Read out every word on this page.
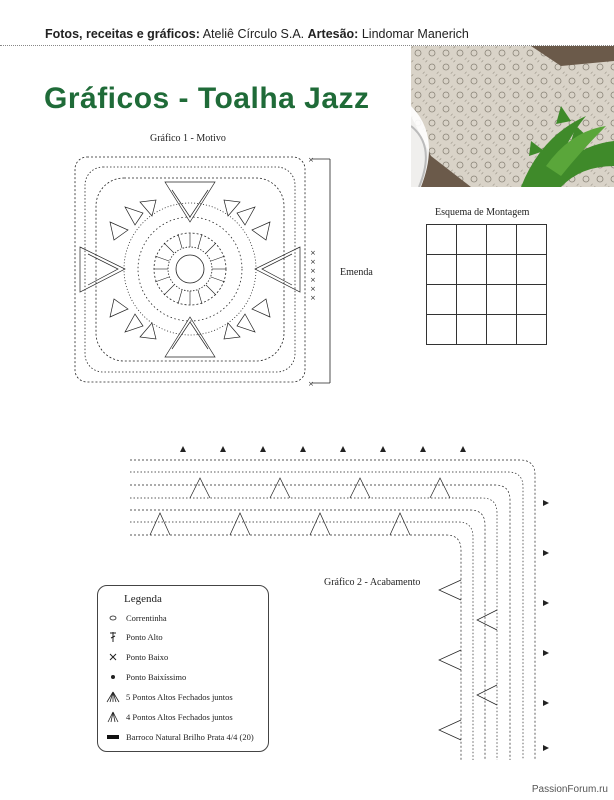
Fotos, receitas e gráficos: Ateliê Círculo S.A. Artesão: Lindomar Manerich
Gráficos - Toalha Jazz
Gráfico 1 - Motivo
×
×
×
×
×
×
×
×
Emenda
Esquema de Montagem

Gráfico 2 - Acabamento
Legenda
Correntinha
Ponto Alto
Ponto Baixo
Ponto Baixíssimo
5 Pontos Altos Fechados juntos
4 Pontos Altos Fechados juntos
Barroco Natural Brilho Prata 4/4 (20)
PassionForum.ru
